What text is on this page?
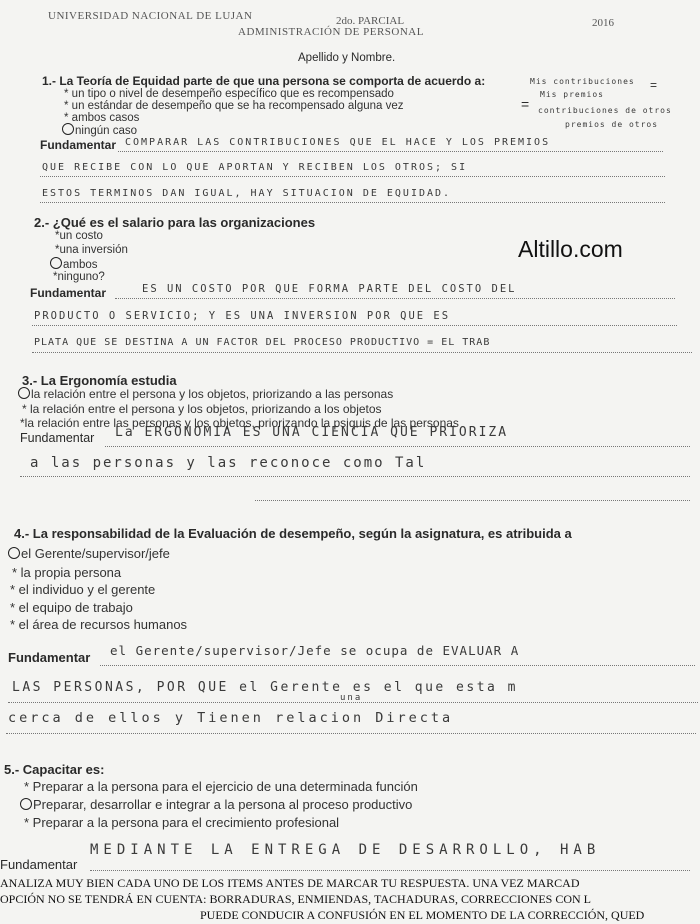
UNIVERSIDAD NACIONAL DE LUJAN	2do. PARCIAL
ADMINISTRACIÓN DE PERSONAL
2016
Apellido y Nombre.
Altillo.com
1.- La Teoría de Equidad parte de que una persona se comporta de acuerdo a:
* un tipo o nivel de desempeño específico que es recompensado
* un estándar de desempeño que se ha recompensado alguna vez
* ambos casos
ningún caso
Mis contribuciones =
Mis premios
= contribuciones de otros
premios de otros
Fundamentar COMPARAR LAS CONTRIBUCIONES QUE EL HACE Y LOS PREMIOS
QUE RECIBE CON LO QUE APORTAN Y RECIBEN LOS OTROS; SI
ESTOS TERMINOS DAN IGUAL, HAY SITUACION DE EQUIDAD.
2.- ¿Qué es el salario para las organizaciones
*un costo
*una inversión
ambos
*ninguno?
Fundamentar	ES UN COSTO POR QUE FORMA PARTE DEL COSTO DEL
PRODUCTO O SERVICIO; Y ES UNA INVERSION POR QUE ES
PLATA QUE SE DESTINA A UN FACTOR DEL PROCESO PRODUCTIVO = EL TRAB
3.- La Ergonomía estudia
la relación entre el persona y los objetos, priorizando a las personas
* la relación entre el persona y los objetos, priorizando a los objetos
*la relación entre las personas y los objetos, priorizando la psiquis de las personas
Fundamentar La ERGONOMIA ES UNA CIENCIA QUE PRIORIZA
a las personas y las reconoce como Tal
4.- La responsabilidad de la Evaluación de desempeño, según la asignatura, es atribuida a
el Gerente/supervisor/jefe
* la propia persona
* el individuo y el gerente
* el equipo de trabajo
* el área de recursos humanos
Fundamentar el Gerente/supervisor/Jefe se ocupa de EVALUAR A
LAS PERSONAS, POR QUE el Gerente es el que esta m
una
cerca de ellos y Tienen relacion Directa
5.- Capacitar es:
* Preparar a la persona para el ejercicio de una determinada función
Preparar, desarrollar e integrar a la persona al proceso productivo
* Preparar a la persona para el crecimiento profesional
Fundamentar
MEDIANTE LA ENTREGA DE DESARROLLO, HAB
ANALIZA MUY BIEN CADA UNO DE LOS ITEMS ANTES DE MARCAR TU RESPUESTA. UNA VEZ MARCAD
OPCIÓN NO SE TENDRÁ EN CUENTA: BORRADURAS, ENMIENDAS, TACHADURAS, CORRECCIONES CON L
PUEDE CONDUCIR A CONFUSIÓN EN EL MOMENTO DE LA CORRECCIÓN, QUED
